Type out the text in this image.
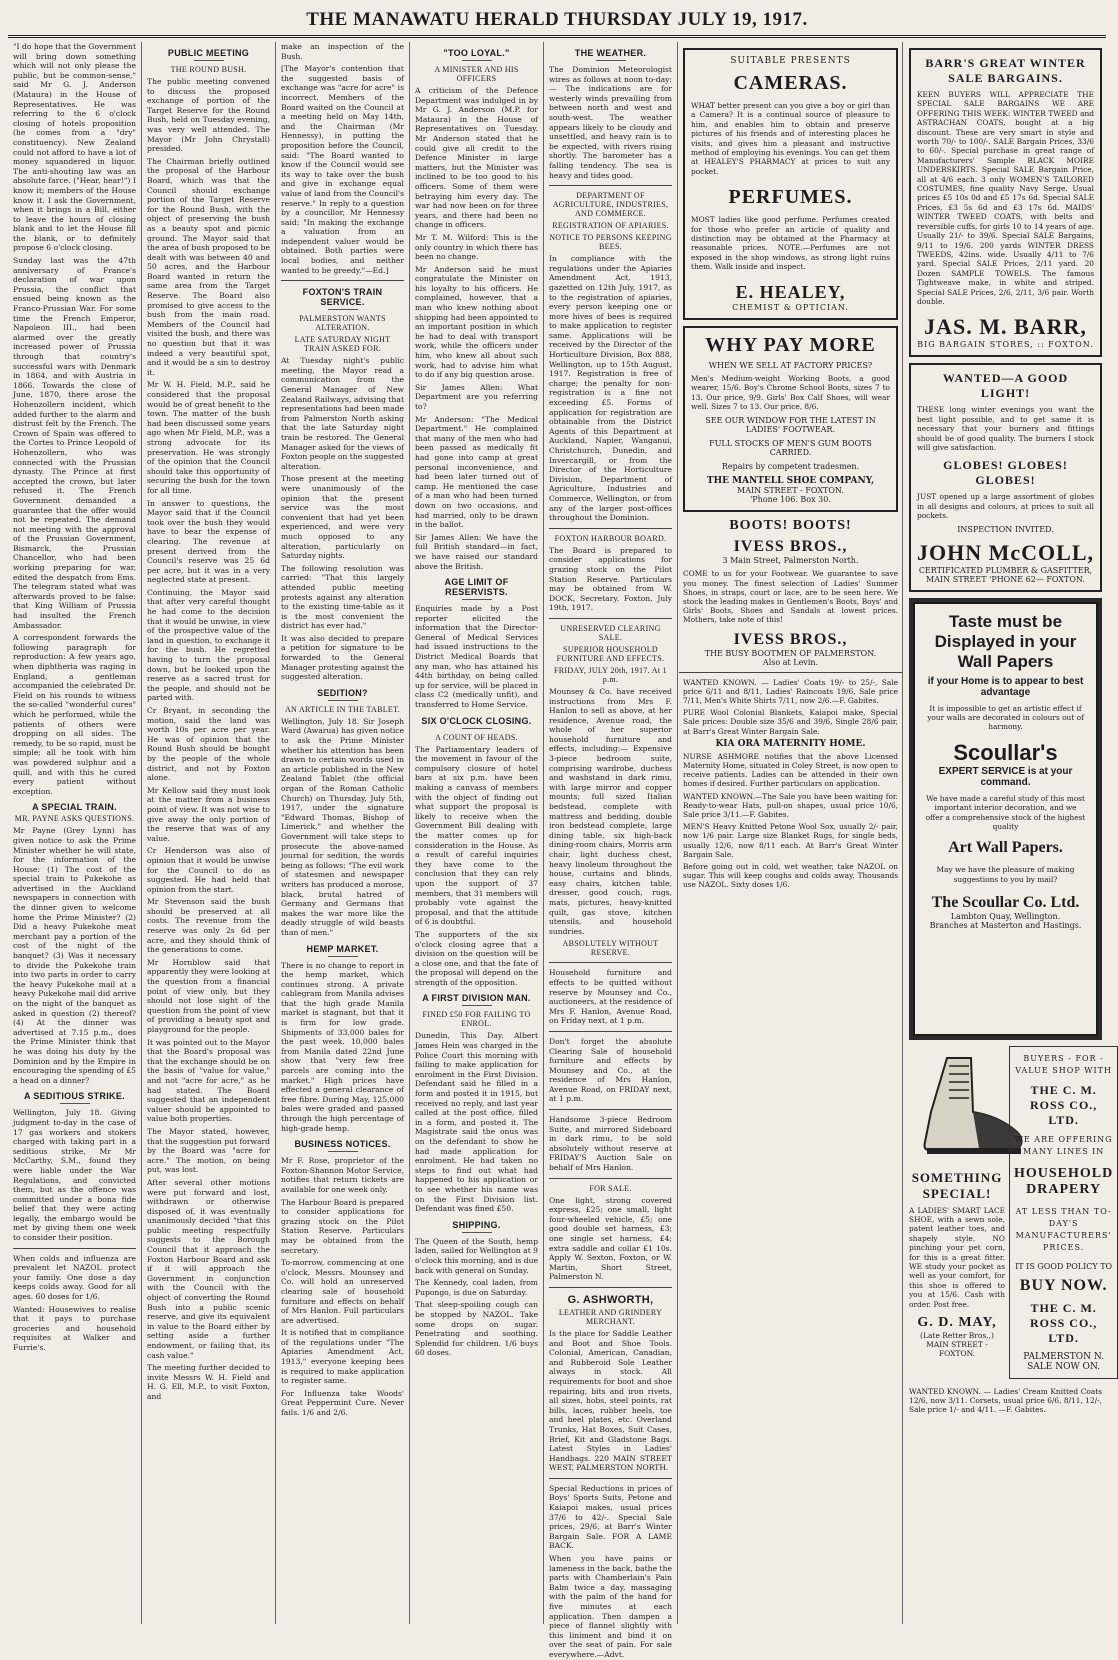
THE MANAWATU HERALD THURSDAY JULY 19, 1917.

"I do hope that the Government will bring down something which will not only please the public, but be common-sense," said Mr G. J. Anderson (Mataura) in the House of Representatives. He was referring to the 6 o'clock closing of hotels proposition (he comes from a "dry" constituency). New Zealand could not afford to have a lot of money squandered in liquor. The anti-shouting law was an absolute farce. ("Hear, hear!") I know it; members of the House know it. I ask the Government, when it brings in a Bill, either to leave the hours of closing blank and to let the House fill the blank, or to definitely propose 6 o'clock closing.

Sunday last was the 47th anniversary of France's declaration of war upon Prussia, the conflict that ensued being known as the Franco-Prussian War. For some time the French Emperor, Napoleon III., had been alarmed over the greatly increased power of Prussia through that country's successful wars with Denmark in 1864, and with Austria in 1866. Towards the close of June, 1870, there arose the Hohenzollern incident, which added further to the alarm and distrust felt by the French. The Crown of Spain was offered to the Cortes to Prince Leopold of Hohenzollern, who was connected with the Prussian dynasty. The Prince at first accepted the crown, but later refused it. The French Government demanded a guarantee that the offer would not be repeated. The demand not meeting with the approval of the Prussian Government, Bismarck, the Prussian Chancellor, who had been working preparing for war, edited the despatch from Ems. The telegram stated what was afterwards proved to be false: that King William of Prussia had insulted the French Ambassador.

A correspondent forwards the following paragraph for reproduction: A few years ago, when diphtheria was raging in England, a gentleman accompanied the celebrated Dr. Field on his rounds to witness the so-called "wonderful cures" which he performed, while the patients of others were dropping on all sides. The remedy, to be so rapid, must be simple; all he took with him was powdered sulphur and a quill, and with this he cured every patient without exception.

A SPECIAL TRAIN.
MR. PAYNE ASKS QUESTIONS.

Mr Payne (Grey Lynn) has given notice to ask the Prime Minister whether he will state, for the information of the House: (1) The cost of the special train to Pukekohe as advertised in the Auckland newspapers in connection with the dinner given to welcome home the Prime Minister? (2) Did a heavy Pukekohe meat merchant pay a portion of the cost of the night of the banquet? (3) Was it necessary to divide the Pukekohe train into two parts in order to carry the heavy Pukekohe mail at a heavy Pukekohe mail did arrive on the night of the banquet as asked in question (2) thereof? (4) At the dinner was advertised at 7.15 p.m., does the Prime Minister think that he was doing his duty by the Dominion and by the Empire in encouraging the spending of £5 a head on a dinner?

A SEDITIOUS STRIKE.

Wellington, July 18. Giving judgment to-day in the case of 17 gas workers and stokers charged with taking part in a seditious strike, Mr Mr McCarthy, S.M., found they were liable under the War Regulations, and convicted them, but as the offence was committed under a bona fide belief that they were acting legally, the embargo would be met by giving them one week to consider their position.

When colds and influenza are prevalent let NAZOL protect your family. One dose a day keeps colds away. Good for all ages. 60 doses for 1/6.

Wanted: Housewives to realise that it pays to purchase groceries and household requisites at Walker and Furrie's.

PUBLIC MEETING
THE ROUND BUSH.

The public meeting convened to discuss the proposed exchange of portion of the Target Reserve for the Round Bush, held on Tuesday evening, was very well attended. The Mayor (Mr John Chrystall) presided.

The Chairman briefly outlined the proposal of the Harbour Board, which was that the Council should exchange portion of the Target Reserve for the Round Bush, with the object of preserving the bush as a beauty spot and picnic ground. The Mayor said that the area of bush proposed to be dealt with was between 40 and 50 acres, and the Harbour Board wanted in return the same area from the Target Reserve. The Board also promised to give access to the bush from the main road. Members of the Council had visited the bush, and there was no question but that it was indeed a very beautiful spot, and it would be a sin to destroy it.

Mr W. H. Field, M.P., said he considered that the proposal would be of great benefit to the town. The matter of the bush had been discussed some years ago when Mr Field, M.P., was a strong advocate for its preservation. He was strongly of the opinion that the Council should take this opportunity of securing the bush for the town for all time.

In answer to questions, the Mayor said that if the Council took over the bush they would have to bear the expense of clearing. The revenue at present derived from the Council's reserve was 25 6d per acre, but it was in a very neglected state at present.

Continuing, the Mayor said that after very careful thought he had come to the decision that it would be unwise, in view of the prospective value of the land in question, to exchange it for the bush. He regretted having to turn the proposal down, but he looked upon the reserve as a sacred trust for the people, and should not be parted with.

Cr Bryant, in seconding the motion, said the land was worth 10s per acre per year. He was of opinion that the Round Bush should be bought by the people of the whole district, and not by Foxton alone.

Mr Kellow said they must look at the matter from a business point of view. It was not wise to give away the only portion of the reserve that was of any value.

Cr Henderson was also of opinion that it would be unwise for the Council to do as suggested. He had held that opinion from the start.

Mr Stevenson said the bush should be preserved at all costs. The revenue from the reserve was only 2s 6d per acre, and they should think of the generations to come.

Mr Hornblow said that apparently they were looking at the question from a financial point of view only, but they should not lose sight of the question from the point of view of providing a beauty spot and playground for the people.

It was pointed out to the Mayor that the Board's proposal was that the exchange should be on the basis of "value for value," and not "acre for acre," as he had stated. The Board suggested that an independent valuer should be appointed to value both properties.

The Mayor stated, however, that the suggestion put forward by the Board was "acre for acre." The motion, on being put, was lost.

After several other motions were put forward and lost, withdrawn or otherwise disposed of, it was eventually unanimously decided "that this public meeting respectfully suggests to the Borough Council that it approach the Foxton Harbour Board and ask if it will approach the Government in conjunction with the Council with the object of converting the Round Bush into a public scenic reserve, and give its equivalent in value to the Board either by setting aside a further endowment, or failing that, its cash value."

The meeting further decided to invite Messrs W. H. Field and H. G. Ell, M.P., to visit Foxton, and

make an inspection of the Bush.

[The Mayor's contention that the suggested basis of exchange was "acre for acre" is incorrect. Members of the Board waited on the Council at a meeting held on May 14th, and the Chairman (Mr Hennessy), in putting the proposition before the Council, said: "The Board wanted to know if the Council would see its way to take over the bush and give in exchange equal value of land from the Council's reserve." In reply to a question by a councillor, Mr Hennessy said: "In making the exchange a valuation from an independent valuer would be obtained. Both parties were local bodies, and neither wanted to be greedy."—Ed.]

FOXTON'S TRAIN SERVICE.
PALMERSTON WANTS ALTERATION.
LATE SATURDAY NIGHT TRAIN ASKED FOR.

At Tuesday night's public meeting, the Mayor read a communication from the General Manager of New Zealand Railways, advising that representations had been made from Palmerston North asking that the late Saturday night train be restored. The General Manager asked for the views of Foxton people on the suggested alteration.

Those present at the meeting were unanimously of the opinion that the present service was the most convenient that had yet been experienced, and were very much opposed to any alteration, particularly on Saturday nights.

The following resolution was carried: "That this largely attended public meeting protests against any alteration to the existing time-table as it is the most convenient the district has ever had."

It was also decided to prepare a petition for signature to be forwarded to the General Manager protesting against the suggested alteration.

SEDITION?
AN ARTICLE IN THE TABLET.

Wellington, July 18. Sir Joseph Ward (Awarua) has given notice to ask the Prime Minister whether his attention has been drawn to certain words used in an article published in the New Zealand Tablet (the official organ of the Roman Catholic Church) on Thursday, July 5th, 1917, under the signature "Edward Thomas, Bishop of Limerick," and whether the Government will take steps to prosecute the above-named journal for sedition, the words being as follows: "The evil work of statesmen and newspaper writers has produced a morose, black, brutal hatred of Germany and Germans that makes the war more like the deadly struggle of wild beasts than of men."

HEMP MARKET.

There is no change to report in the hemp market, which continues strong. A private cablegram from Manila advises that the high grade Manila market is stagnant, but that it is firm for low grade. Shipments of 33,000 bales for the past week. 10,000 bales from Manila dated 22nd June show that "very few free parcels are coming into the market." High prices have effected a general clearance of free fibre. During May, 125,000 bales were graded and passed through the high percentage of high-grade hemp.

BUSINESS NOTICES.

Mr F. Rose, proprietor of the Foxton-Shannon Motor Service, notifies that return tickets are available for one week only.

The Harbour Board is prepared to consider applications for grazing stock on the Pilot Station Reserve. Particulars may be obtained from the secretary.

To-morrow, commencing at one o'clock, Messrs. Mounsey and Co. will hold an unreserved clearing sale of household furniture and effects on behalf of Mrs Hanlon. Full particulars are advertised.

It is notified that in compliance of the regulations under "The Apiaries Amendment Act, 1913," everyone keeping bees is required to make application to register same.

For Influenza take Woods' Great Peppermint Cure. Never fails. 1/6 and 2/6.

"TOO LOYAL."
A MINISTER AND HIS OFFICERS

A criticism of the Defence Department was indulged in by Mr G. J. Anderson (M.P. for Mataura) in the House of Representatives on Tuesday. Mr Anderson stated that he could give all credit to the Defence Minister in large matters, but the Minister was inclined to be too good to his officers. Some of them were betraying him every day. The war had now been on for three years, and there had been no change in officers.

Mr T. M. Wilford: This is the only country in which there has been no change.

Mr Anderson said he must congratulate the Minister on his loyalty to his officers. He complained, however, that a man who knew nothing about shipping had been appointed to an important position in which he had to deal with transport work, while the officers under him, who knew all about such work, had to advise him what to do if any big question arose.

Sir James Allen: What Department are you referring to?

Mr Anderson: "The Medical Department." He complained that many of the men who had been passed as medically fit had gone into camp at great personal inconvenience, and had been later turned out of camp. He mentioned the case of a man who had been turned down on two occasions, and had married, only to be drawn in the ballot.

Sir James Allen: We have the full British standard—in fact, we have raised our standard above the British.

AGE LIMIT OF RESERVISTS.

Enquiries made by a Post reporter elicited the information that the Director-General of Medical Services had issued instructions to the District Medical Boards that any man, who has attained his 44th birthday, on being called up for service, will be placed in class C2 (medically unfit), and transferred to Home Service.

SIX O'CLOCK CLOSING.
A COUNT OF HEADS.

The Parliamentary leaders of the movement in favour of the compulsory closure of hotel bars at six p.m. have been making a canvass of members with the object of finding out what support the proposal is likely to receive when the Government Bill dealing with the matter comes up for consideration in the House. As a result of careful inquiries they have come to the conclusion that they can rely upon the support of 37 members, that 31 members will probably vote against the proposal, and that the attitude of 6 is doubtful.

The supporters of the six o'clock closing agree that a division on the question will be a close one, and that the fate of the proposal will depend on the strength of the opposition.

A FIRST DIVISION MAN.
FINED £50 FOR FAILING TO ENROL.

Dunedin, This Day. Albert James Hein was charged in the Police Court this morning with failing to make application for enrolment in the First Division. Defendant said he filled in a form and posted it in 1915, but received no reply, and last year called at the post office, filled in a form, and posted it. The Magistrate said the onus was on the defendant to show he had made application for enrolment. He had taken no steps to find out what had happened to his application or to see whether his name was on the First Division list. Defendant was fined £50.

SHIPPING.

The Queen of the South, hemp laden, sailed for Wellington at 9 o'clock this morning, and is due back with general on Sunday.

The Kennedy, coal laden, from Pupongo, is due on Saturday.

That sleep-spoiling cough can be stopped by NAZOL. Take some drops on sugar. Penetrating and soothing. Splendid for children. 1/6 buys 60 doses.

THE WEATHER.

The Dominion Meteorologist wires as follows at noon to-day:— The indications are for westerly winds prevailing from between north and west and south-west. The weather appears likely to be cloudy and unsettled, and heavy rain is to be expected, with rivers rising shortly. The barometer has a falling tendency. The sea is heavy and tides good.

DEPARTMENT OF AGRICULTURE, INDUSTRIES, AND COMMERCE.
REGISTRATION OF APIARIES.
NOTICE TO PERSONS KEEPING BEES.

In compliance with the regulations under the Apiaries Amendment Act, 1913, gazetted on 12th July, 1917, as to the registration of apiaries, every person keeping one or more hives of bees is required to make application to register same. Applications will be received by the Director of the Horticulture Division, Box 888, Wellington, up to 15th August, 1917. Registration is free of charge; the penalty for non-registration is a fine not exceeding £5. Forms of application for registration are obtainable from the District Agents of this Department at Auckland, Napier, Wanganui, Christchurch, Dunedin, and Invercargill, or from the Director of the Horticulture Division, Department of Agriculture, Industries and Commerce, Wellington, or from any of the larger post-offices throughout the Dominion.

FOXTON HARBOUR BOARD.

The Board is prepared to consider applications for grazing stock on the Pilot Station Reserve. Particulars may be obtained from W. DOCK, Secretary. Foxton, July 19th, 1917.

UNRESERVED CLEARING SALE.
SUPERIOR HOUSEHOLD FURNITURE AND EFFECTS.
FRIDAY, JULY 20th, 1917. At 1 p.m.

Mounsey & Co. have received instructions from Mrs F. Hanlon to sell as above, at her residence, Avenue road, the whole of her superior household furniture and effects, including:— Expensive 3-piece bedroom suite, comprising wardrobe, duchess and washstand in dark rimu, with large mirror and copper mounts; full sized Italian bedstead, complete with mattress and bedding, double iron bedstead complete, large dining table, six high-back dining-room chairs, Morris arm chair, light duchess chest, heavy linoleum throughout the house, curtains and blinds, easy chairs, kitchen table, dresser, good couch, rugs, mats, pictures, heavy-knitted quilt, gas stove, kitchen utensils, and household sundries.

ABSOLUTELY WITHOUT RESERVE.

Household furniture and effects to be quitted without reserve by Mounsey and Co., auctioneers, at the residence of Mrs F. Hanlon, Avenue Road, on Friday next, at 1 p.m.

Don't forget the absolute Clearing Sale of household furniture and effects by Mounsey and Co., at the residence of Mrs Hanlon, Avenue Road, on FRIDAY next, at 1 p.m.

Handsome 3-piece Bedroom Suite, and mirrored Sideboard in dark rimu, to be sold absolutely without reserve at FRIDAY'S Auction Sale on behalf of Mrs Hanlon.

FOR SALE.

One light, strong covered express, £25; one small, light four-wheeled vehicle, £5; one good double set harness, £3; one single set harness, £4; extra saddle and collar £1 10s. Apply W. Sexton, Foxton, or W. Martin, Short Street, Palmerston N.

G. ASHWORTH,
LEATHER AND GRINDERY MERCHANT.

Is the place for Saddle Leather and Boot and Shoe Tools. Colonial, American, Canadian, and Rubberoid Sole Leather always in stock. All requirements for boot and shoe repairing, bits and iron rivets, all sizes, hobs, steel points, rat bills, laces, rubber heels, toe and heel plates, etc. Overland Trunks, Hat Boxes, Suit Cases, Brief, Kit and Gladstone Bags. Latest Styles in Ladies' Handbags. 220 MAIN STREET WEST, PALMERSTON NORTH.

Special Reductions in prices of Boys' Sports Suits, Petone and Kaiapoi makes, usual prices 37/6 to 42/-. Special Sale prices, 29/6, at Barr's Winter Bargain Sale. FOR A LAME BACK.

When you have pains or lameness in the back, bathe the parts with Chamberlain's Pain Balm twice a day, massaging with the palm of the hand for five minutes at each application. Then dampen a piece of flannel slightly with this liniment and bind it on over the seat of pain. For sale everywhere.—Advt.

SUITABLE PRESENTS
CAMERAS.
WHAT better present can you give a boy or girl than a Camera? It is a continual source of pleasure to him, and enables him to obtain and preserve pictures of his friends and of interesting places he visits, and gives him a pleasant and instructive method of employing his evenings. You can get them at HEALEY'S PHARMACY at prices to suit any pocket.
PERFUMES.
MOST ladies like good perfume. Perfumes created for those who prefer an article of quality and distinction may be obtained at the Pharmacy at reasonable prices. NOTE.—Perfumes are not exposed in the shop windows, as strong light ruins them. Walk inside and inspect.
E. HEALEY,
CHEMIST & OPTICIAN.
WHY PAY MORE
WHEN WE SELL AT FACTORY PRICES?
Men's Medium-weight Working Boots, a good wearer, 15/6. Boy's Chrome School Boots, sizes 7 to 13. Our price, 9/9. Girls' Box Calf Shoes, will wear well. Sizes 7 to 13. Our price, 8/6.
SEE OUR WINDOW FOR THE LATEST IN LADIES' FOOTWEAR.
FULL STOCKS OF MEN'S GUM BOOTS CARRIED.
Repairs by competent tradesmen.
THE MANTELL SHOE COMPANY,
MAIN STREET - FOXTON.
'Phone 106. Box 30.
BOOTS! BOOTS!
IVESS BROS.,
3 Main Street, Palmerston North.
COME to us for your Footwear. We guarantee to save you money. The finest selection of Ladies' Summer Shoes, in straps, court or lace, are to be seen here. We stock the leading makes in Gentlemen's Boots, Boys' and Girls' Boots, Shoes and Sandals at lowest prices. Mothers, take note of this!
IVESS BROS.,
THE BUSY BOOTMEN OF PALMERSTON.
Also at Levin.
WANTED KNOWN. — Ladies' Coats 19/- to 25/-, Sale price 6/11 and 8/11, Ladies' Raincoats 19/6, Sale price 7/11, Men's White Shirts 7/11, now 2/6.—F. Gabites.
PURE Wool Colonial Blankets, Kaiapoi make, Special Sale prices: Double size 35/6 and 39/6, Single 28/6 pair, at Barr's Great Winter Bargain Sale.
KIA ORA MATERNITY HOME.
NURSE ASHMORE notifies that the above Licensed Maternity Home, situated in Coley Street, is now open to receive patients. Ladies can be attended in their own homes if desired. Further particulars on application.
WANTED KNOWN.—The Sale you have been waiting for. Ready-to-wear Hats, pull-on shapes, usual price 10/6, Sale price 3/11.—F. Gabites.
MEN'S Heavy Knitted Petone Wool Sox, usually 2/- pair, now 1/6 pair. Large size Blanket Rugs, for single beds, usually 12/6, now 8/11 each. At Barr's Great Winter Bargain Sale.
Before going out in cold, wet weather, take NAZOL on sugar. This will keep coughs and colds away. Thousands use NAZOL. Sixty doses 1/6.
BARR'S GREAT WINTER SALE BARGAINS.
KEEN BUYERS WILL APPRECIATE THE SPECIAL SALE BARGAINS WE ARE OFFERING THIS WEEK: WINTER TWEED and ASTRACHAN COATS, bought at a big discount. These are very smart in style and worth 70/- to 100/-. SALE Bargain Prices, 33/6 to 60/-. Special purchase in great range of Manufacturers' Sample BLACK MOIRE UNDERSKIRTS. Special SALE Bargain Price, all at 4/6 each. 3 only WOMEN'S TAILORED COSTUMES, fine quality Navy Serge. Usual prices £5 10s 0d and £5 17s 6d. Special SALE Prices, £3 5s 6d and £3 17s 6d. MAIDS' WINTER TWEED COATS, with belts and reversible cuffs, for girls 10 to 14 years of age. Usually 21/- to 39/6. Special SALE Bargains, 9/11 to 19/6. 200 yards WINTER DRESS TWEEDS, 42ins. wide. Usually 4/11 to 7/6 yard. Special SALE Prices, 2/11 yard. 20 Dozen SAMPLE TOWELS. The famous Tightweave make, in white and striped. Special SALE Prices, 2/6, 2/11, 3/6 pair. Worth double.
JAS. M. BARR,
BIG BARGAIN STORES, :: FOXTON.
WANTED—A GOOD LIGHT!
THESE long winter evenings you want the best light possible, and to get same it is necessary that your burners and fittings should be of good quality. The burners I stock will give satisfaction.
GLOBES! GLOBES! GLOBES!
JUST opened up a large assortment of globes in all designs and colours, at prices to suit all pockets.
INSPECTION INVITED.
JOHN McCOLL,
CERTIFICATED PLUMBER & GASFITTER,
MAIN STREET 'PHONE 62— FOXTON.
Taste must be Displayed in your Wall Papers
if your Home is to appear to best advantage
It is impossible to get an artistic effect if your walls are decorated in colours out of harmony.
Scoullar's
EXPERT SERVICE is at your command.
We have made a careful study of this most important interior decoration, and we offer a comprehensive stock of the highest quality
Art Wall Papers.
May we have the pleasure of making suggestions to you by mail?
The Scoullar Co. Ltd.
Lambton Quay, Wellington.
Branches at Masterton and Hastings.
SOMETHING SPECIAL!
A LADIES' SMART LACE SHOE, with a sewn sole, patent leather toes, and shapely style. NO pinching your pet corn, for this is a great fitter. WE study your pocket as well as your comfort, for this shoe is offered to you at 15/6. Cash with order. Post free.
G. D. MAY,
(Late Retter Bros.,)
MAIN STREET - FOXTON.
BUYERS - FOR - VALUE SHOP WITH
THE C. M. ROSS CO., LTD.
WE ARE OFFERING MANY LINES IN
HOUSEHOLD DRAPERY
AT LESS THAN TO-DAY'S MANUFACTURERS' PRICES.
IT IS GOOD POLICY TO
BUY NOW.
THE C. M. ROSS CO., LTD.
PALMERSTON N.
SALE NOW ON.
WANTED KNOWN. — Ladies' Cream Knitted Coats 12/6, now 3/11. Corsets, usual price 6/6, 8/11, 12/-, Sale price 1/- and 4/11. —F. Gabites.
